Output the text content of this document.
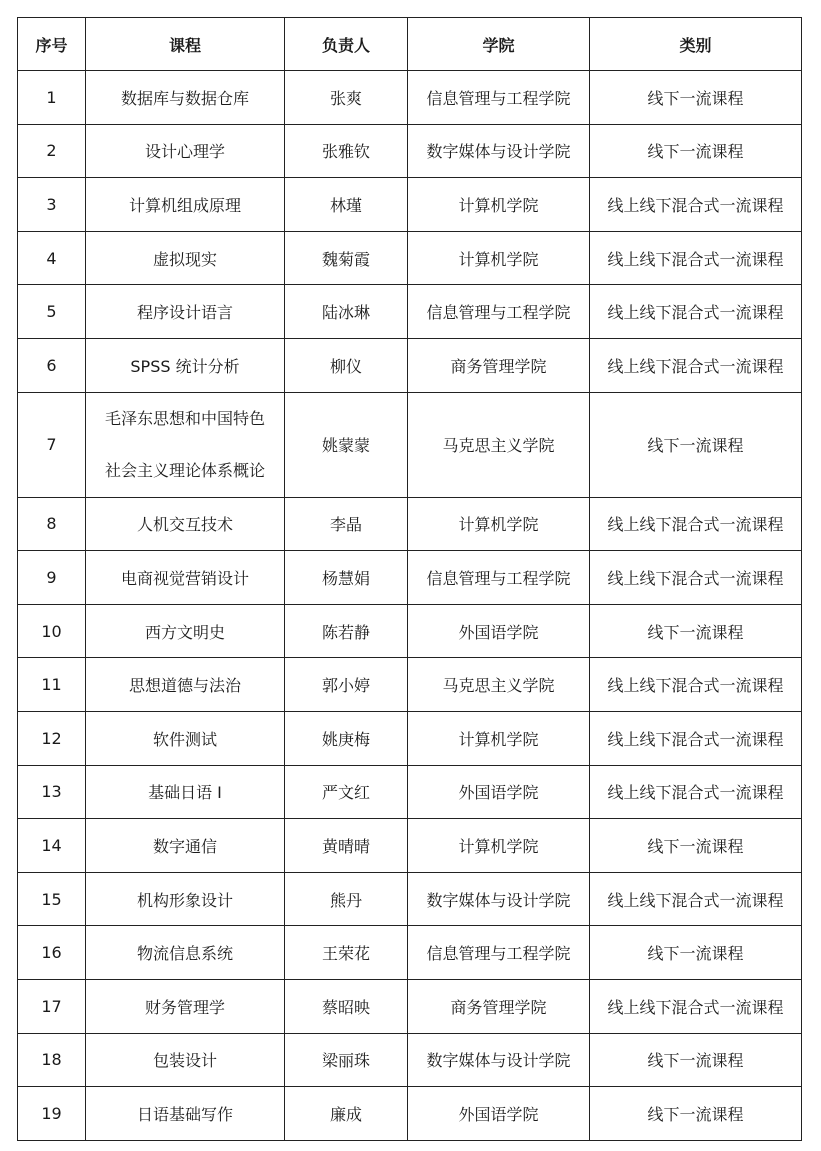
序号	课程	负责人	学院	类别
1	数据库与数据仓库	张爽	信息管理与工程学院	线下一流课程
2	设计心理学	张雅钦	数字媒体与设计学院	线下一流课程
3	计算机组成原理	林瑾	计算机学院	线上线下混合式一流课程
4	虚拟现实	魏菊霞	计算机学院	线上线下混合式一流课程
5	程序设计语言	陆冰琳	信息管理与工程学院	线上线下混合式一流课程
6	SPSS 统计分析	柳仪	商务管理学院	线上线下混合式一流课程
7	毛泽东思想和中国特色
社会主义理论体系概论	姚蒙蒙	马克思主义学院	线下一流课程
8	人机交互技术	李晶	计算机学院	线上线下混合式一流课程
9	电商视觉营销设计	杨慧娟	信息管理与工程学院	线上线下混合式一流课程
10	西方文明史	陈若静	外国语学院	线下一流课程
11	思想道德与法治	郭小婷	马克思主义学院	线上线下混合式一流课程
12	软件测试	姚庚梅	计算机学院	线上线下混合式一流课程
13	基础日语 I	严文红	外国语学院	线上线下混合式一流课程
14	数字通信	黄晴晴	计算机学院	线下一流课程
15	机构形象设计	熊丹	数字媒体与设计学院	线上线下混合式一流课程
16	物流信息系统	王荣花	信息管理与工程学院	线下一流课程
17	财务管理学	蔡昭映	商务管理学院	线上线下混合式一流课程
18	包装设计	梁丽珠	数字媒体与设计学院	线下一流课程
19	日语基础写作	廉成	外国语学院	线下一流课程
